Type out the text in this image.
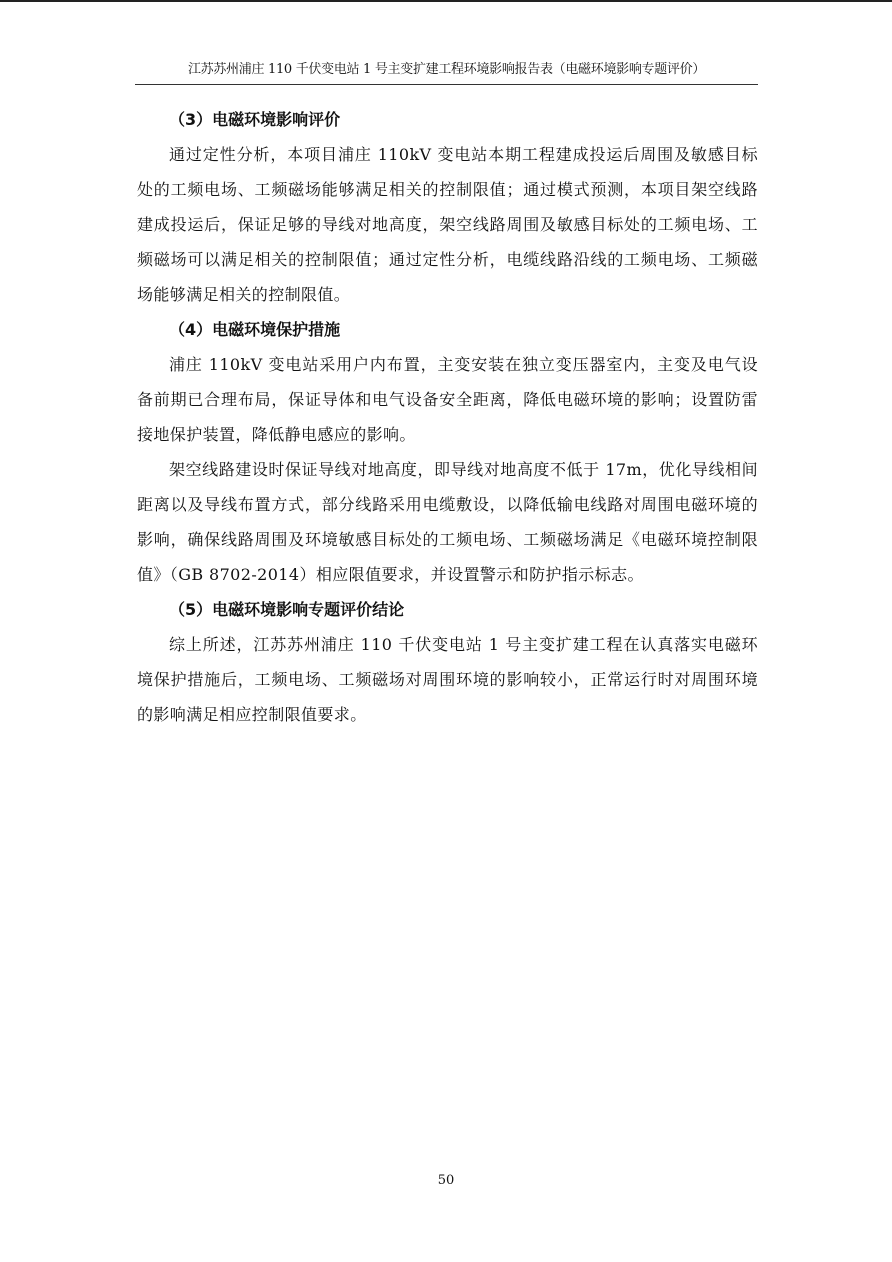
江苏苏州浦庄 110 千伏变电站 1 号主变扩建工程环境影响报告表（电磁环境影响专题评价）
（3）电磁环境影响评价

通过定性分析，本项目浦庄 110kV 变电站本期工程建成投运后周围及敏感目标处的工频电场、工频磁场能够满足相关的控制限值；通过模式预测，本项目架空线路建成投运后，保证足够的导线对地高度，架空线路周围及敏感目标处的工频电场、工频磁场可以满足相关的控制限值；通过定性分析，电缆线路沿线的工频电场、工频磁场能够满足相关的控制限值。

（4）电磁环境保护措施

浦庄 110kV 变电站采用户内布置，主变安装在独立变压器室内，主变及电气设备前期已合理布局，保证导体和电气设备安全距离，降低电磁环境的影响；设置防雷接地保护装置，降低静电感应的影响。

架空线路建设时保证导线对地高度，即导线对地高度不低于 17m，优化导线相间距离以及导线布置方式，部分线路采用电缆敷设，以降低输电线路对周围电磁环境的影响，确保线路周围及环境敏感目标处的工频电场、工频磁场满足《电磁环境控制限值》（GB 8702-2014）相应限值要求，并设置警示和防护指示标志。

（5）电磁环境影响专题评价结论

综上所述，江苏苏州浦庄 110 千伏变电站 1 号主变扩建工程在认真落实电磁环境保护措施后，工频电场、工频磁场对周围环境的影响较小，正常运行时对周围环境的影响满足相应控制限值要求。

50
